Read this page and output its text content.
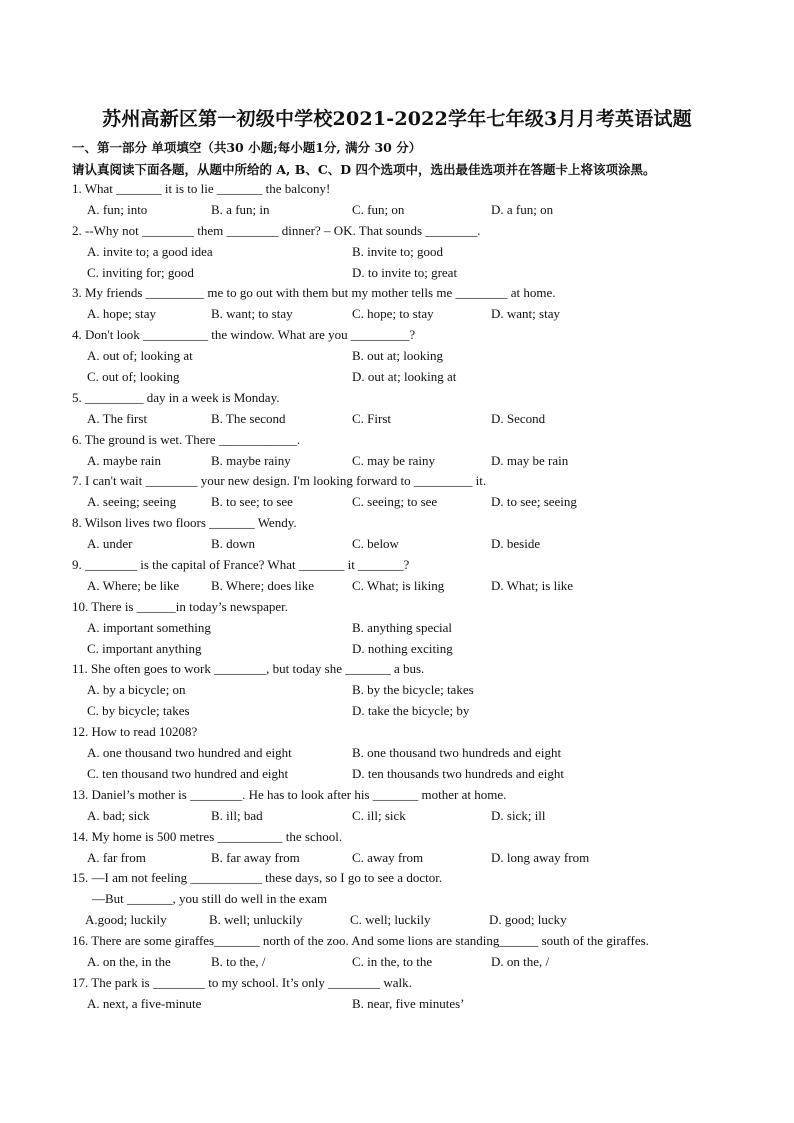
苏州高新区第一初级中学校2021-2022学年七年级3月月考英语试题
一、第一部分 单项填空（共30 小题;每小题1分, 满分 30 分）
请认真阅读下面各题，从题中所给的 A, B、C、D 四个选项中，选出最佳选项并在答题卡上将该项涂黑。
1. What _______ it is to lie _______ the balcony!
A. fun; into	B. a fun; in	C. fun; on	D. a fun; on
2. --Why not ________ them ________ dinner? – OK. That sounds ________.
A. invite to; a good idea	B. invite to; good
C. inviting for; good	D. to invite to; great
3. My friends _________ me to go out with them but my mother tells me ________ at home.
A. hope; stay	B. want; to stay	C. hope; to stay	D. want; stay
4. Don't look __________ the window. What are you _________?
A. out of; looking at	B. out at; looking
C. out of; looking	D. out at; looking at
5. _________ day in a week is Monday.
A. The first	B. The second	C. First	D. Second
6. The ground is wet. There ____________.
A. maybe rain	B. maybe rainy	C. may be rainy	D. may be rain
7. I can't wait ________ your new design. I'm looking forward to _________ it.
A. seeing; seeing	B. to see; to see	C. seeing; to see	D. to see; seeing
8. Wilson lives two floors _______ Wendy.
A. under	B. down	C. below	D. beside
9. ________ is the capital of France? What _______ it _______?
A. Where; be like B. Where; does like	C. What; is liking	D. What; is like
10. There is ______in today’s newspaper.
A. important something	B. anything special
C. important anything	D. nothing exciting
11. She often goes to work ________, but today she _______ a bus.
A. by a bicycle; on	B. by the bicycle; takes
C. by bicycle; takes	D. take the bicycle; by
12. How to read 10208?
A. one thousand two hundred and eight	B. one thousand two hundreds and eight
C. ten thousand two hundred and eight	D. ten thousands two hundreds and eight
13. Daniel’s mother is ________. He has to look after his _______ mother at home.
A. bad; sick	B. ill; bad	C. ill; sick	D. sick; ill
14. My home is 500 metres __________ the school.
A. far from	B. far away from	C. away from	D. long away from
15. —I am not feeling ___________ these days, so I go to see a doctor.
—But _______, you still do well in the exam
A.good; luckily	B. well; unluckily	C. well; luckily	D. good; lucky
16. There are some giraffes_______ north of the zoo. And some lions are standing______ south of the giraffes.
A. on the, in the	B. to the, /	C. in the, to the	D. on the, /
17. The park is ________ to my school. It’s only ________ walk.
A. next, a five-minute	B. near, five minutes’
